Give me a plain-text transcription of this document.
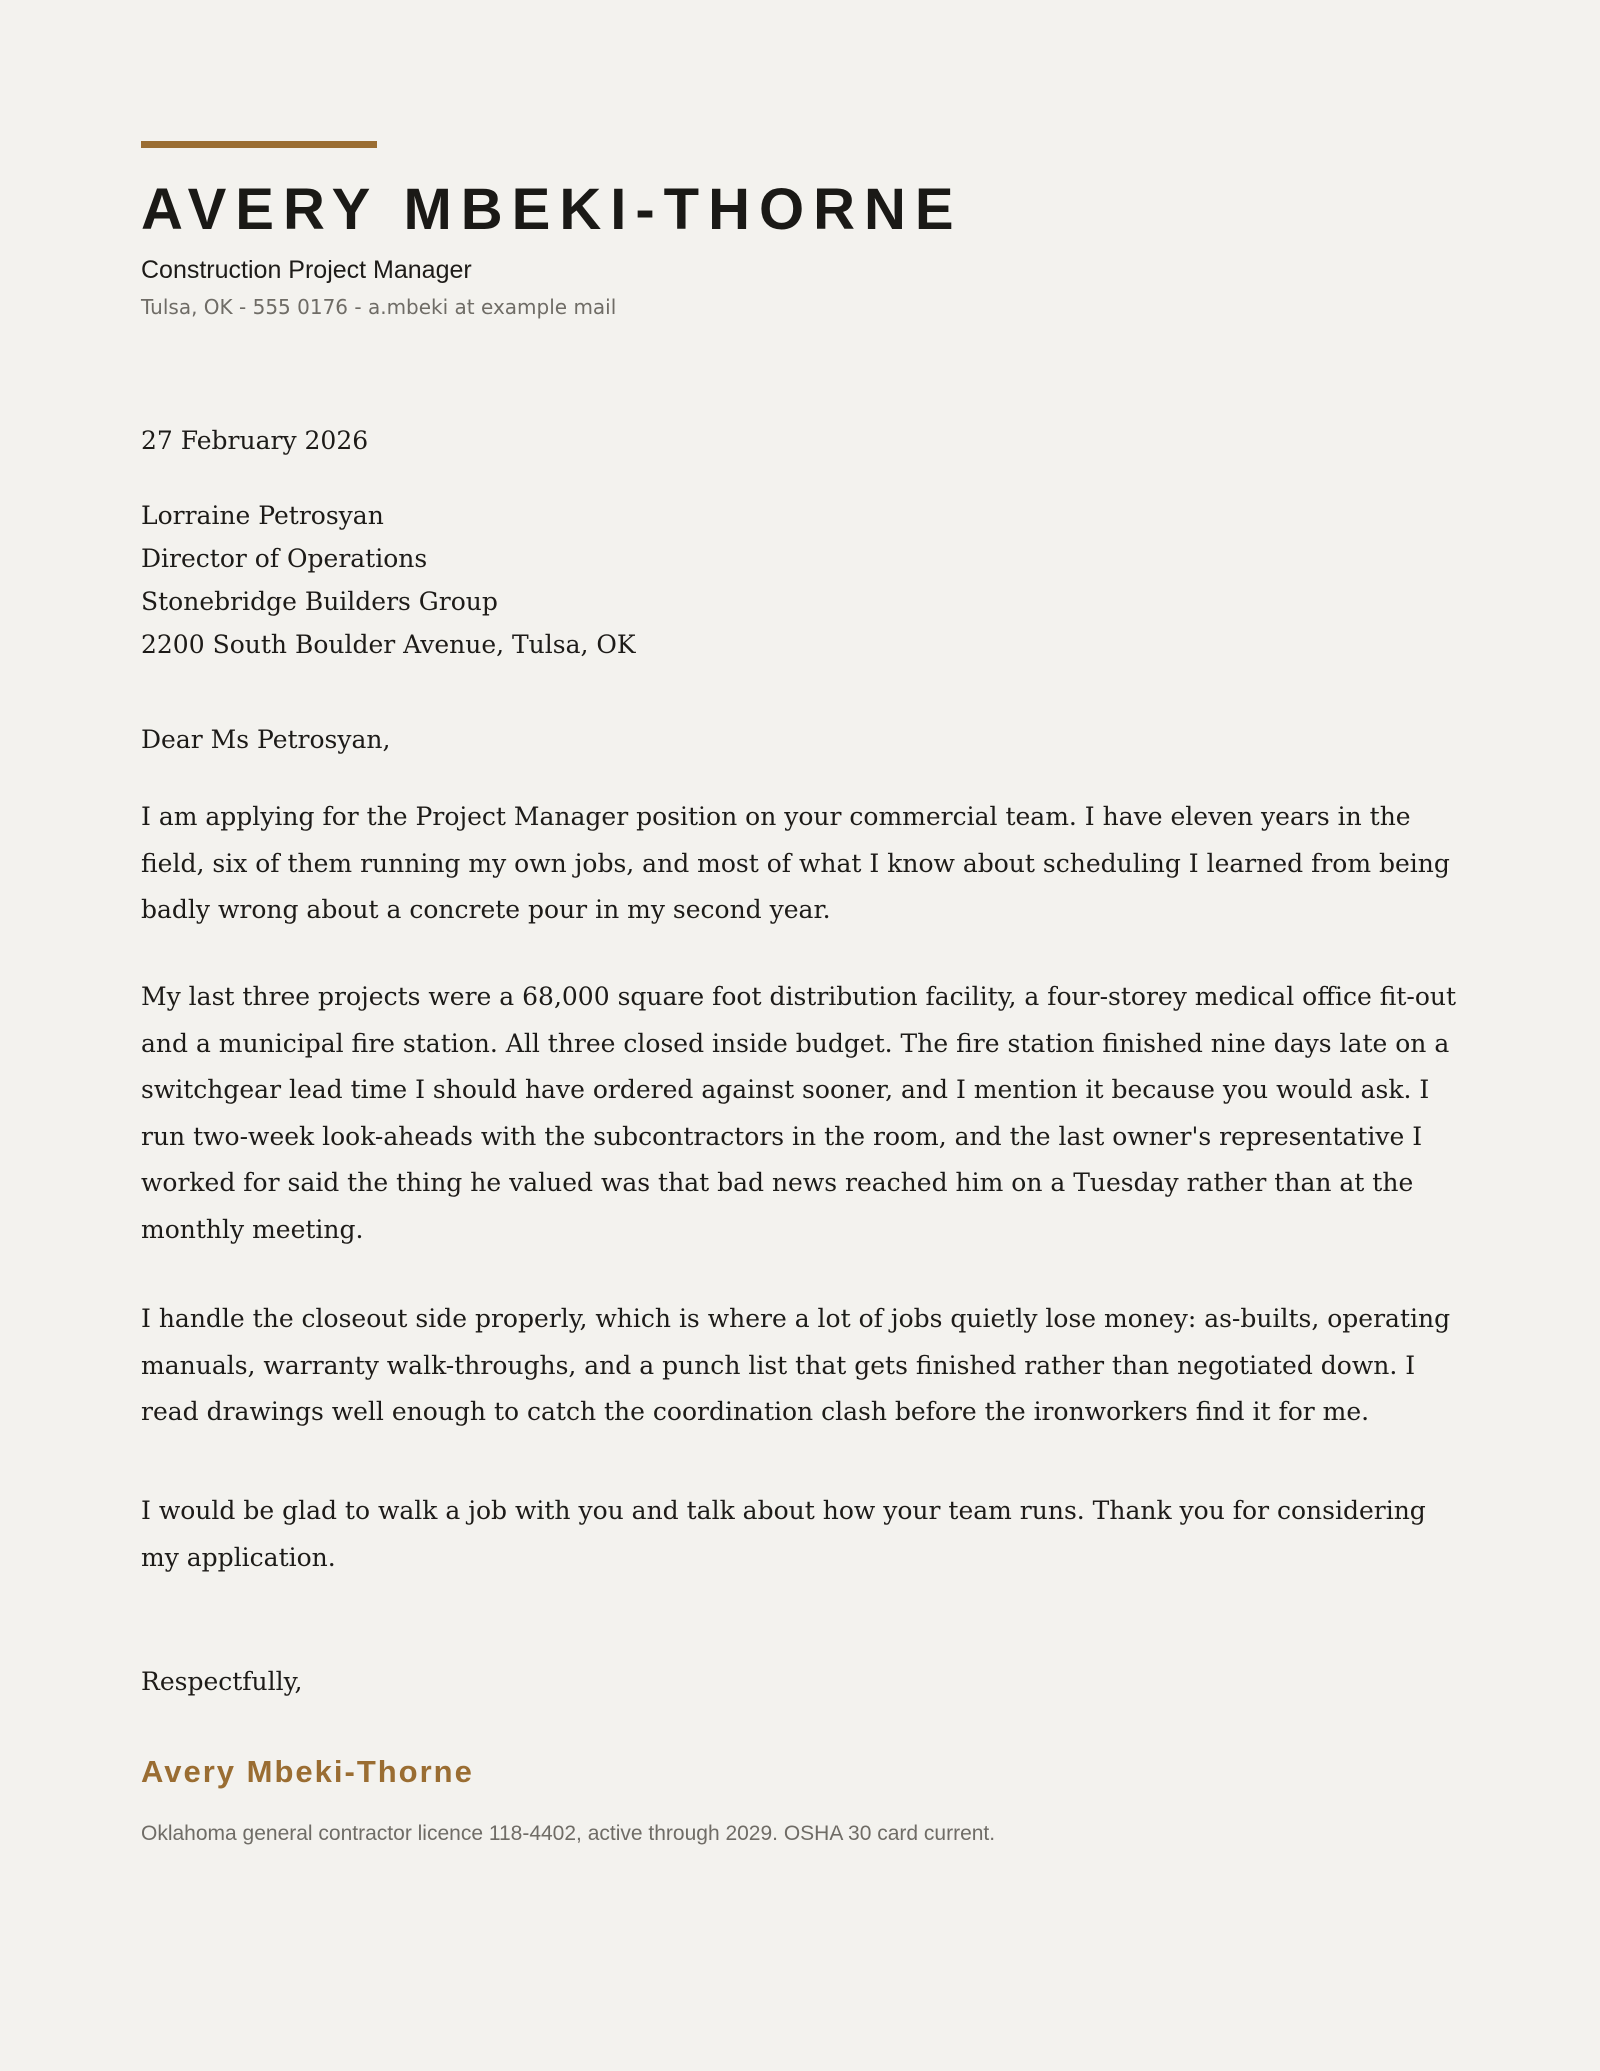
AVERY MBEKI-THORNE
Construction Project Manager
Tulsa, OK - 555 0176 - a.mbeki at example mail
27 February 2026
Lorraine Petrosyan
Director of Operations
Stonebridge Builders Group
2200 South Boulder Avenue, Tulsa, OK
Dear Ms Petrosyan,

I am applying for the Project Manager position on your commercial team. I have eleven years in the field, six of them running my own jobs, and most of what I know about scheduling I learned from being badly wrong about a concrete pour in my second year.

My last three projects were a 68,000 square foot distribution facility, a four-storey medical office fit-out and a municipal fire station. All three closed inside budget. The fire station finished nine days late on a switchgear lead time I should have ordered against sooner, and I mention it because you would ask. I run two-week look-aheads with the subcontractors in the room, and the last owner's representative I worked for said the thing he valued was that bad news reached him on a Tuesday rather than at the monthly meeting.

I handle the closeout side properly, which is where a lot of jobs quietly lose money: as-builts, operating manuals, warranty walk-throughs, and a punch list that gets finished rather than negotiated down. I read drawings well enough to catch the coordination clash before the ironworkers find it for me.

I would be glad to walk a job with you and talk about how your team runs. Thank you for considering my application.

Respectfully,
Avery Mbeki-Thorne
Oklahoma general contractor licence 118-4402, active through 2029. OSHA 30 card current.
